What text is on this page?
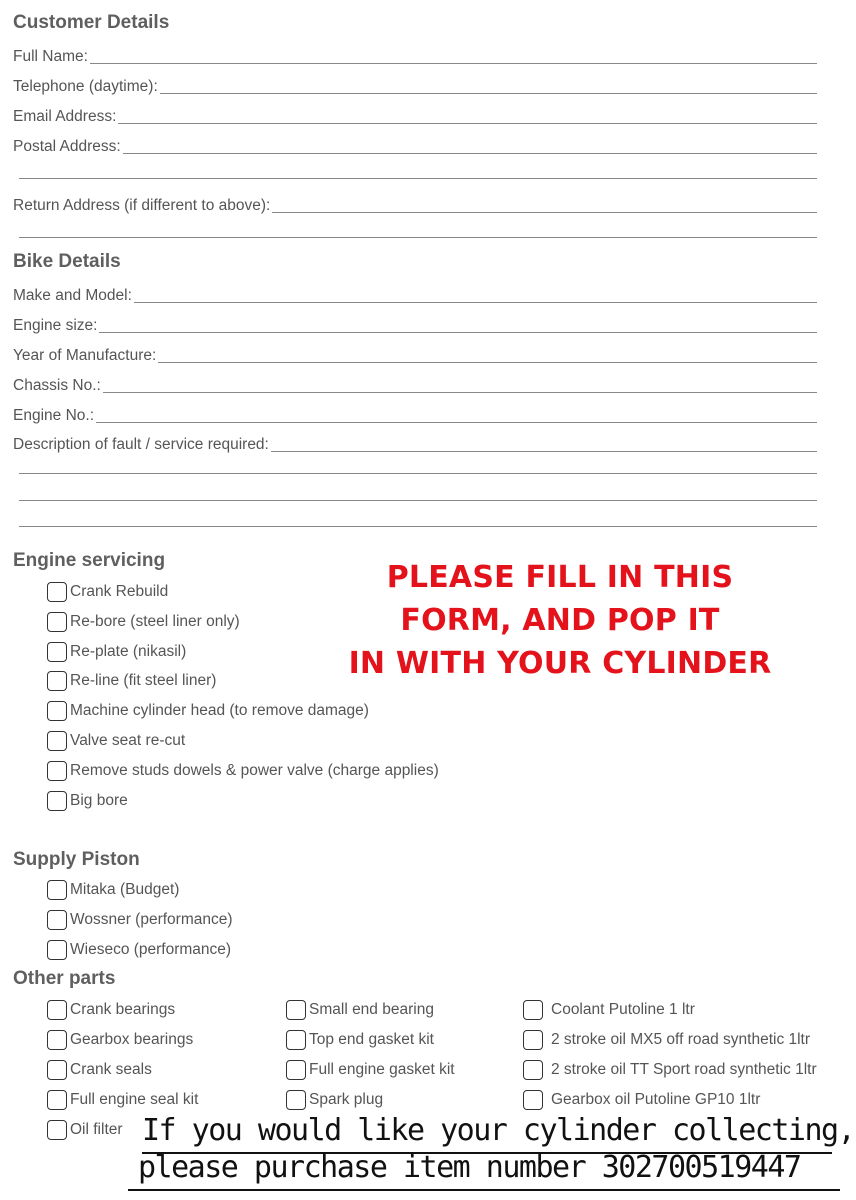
Customer Details
Full Name:
Telephone (daytime):
Email Address:
Postal Address:
Return Address (if different to above):
Bike Details
Make and Model:
Engine size:
Year of Manufacture:
Chassis No.:
Engine No.:
Description of fault / service required:
Engine servicing
Crank Rebuild
Re-bore (steel liner only)
Re-plate (nikasil)
Re-line (fit steel liner)
Machine cylinder head (to remove damage)
Valve seat re-cut
Remove studs dowels & power valve (charge applies)
Big bore
PLEASE FILL IN THIS
FORM, AND POP IT
IN WITH YOUR CYLINDER
Supply Piston
Mitaka (Budget)
Wossner (performance)
Wieseco (performance)
Other parts
Crank bearings
Gearbox bearings
Crank seals
Full engine seal kit
Oil filter
Small end bearing
Top end gasket kit
Full engine gasket kit
Spark plug
Coolant Putoline 1 ltr
2 stroke oil MX5 off road synthetic 1ltr
2 stroke oil TT Sport road synthetic 1ltr
Gearbox oil Putoline GP10 1ltr
If you would like your cylinder collecting,
please purchase item number 302700519447
